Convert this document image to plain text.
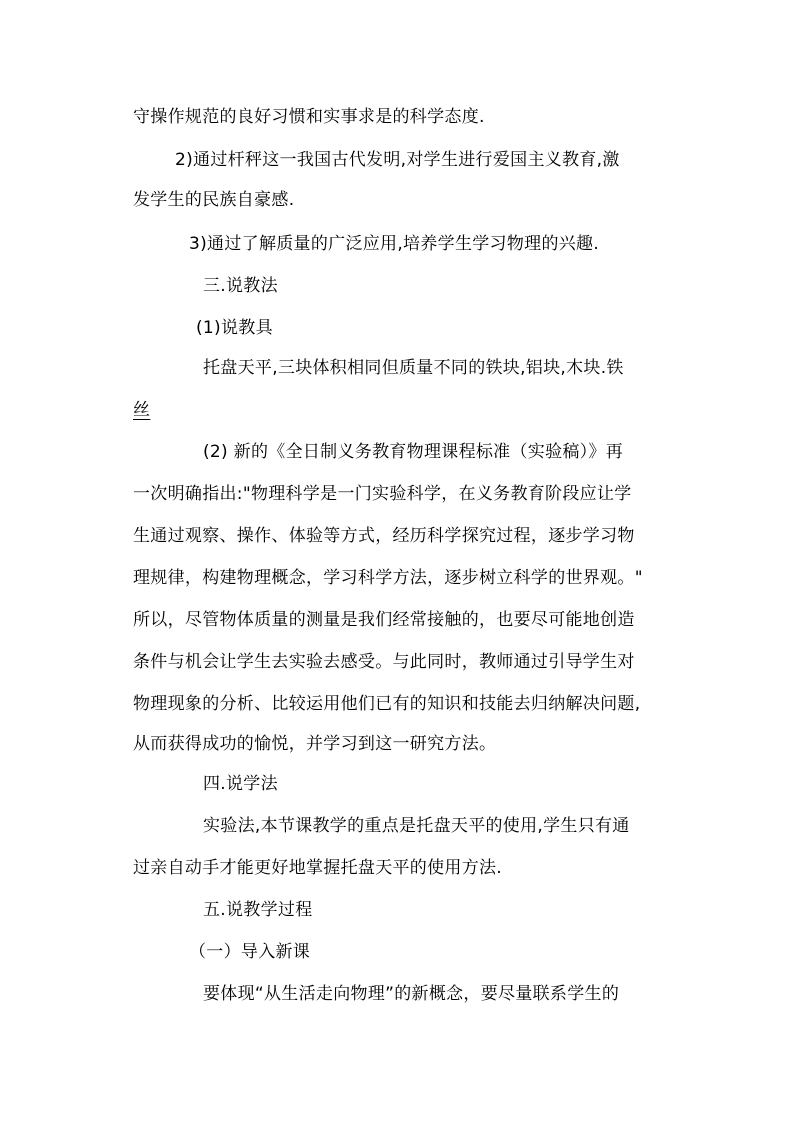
守操作规范的良好习惯和实事求是的科学态度.
2)通过杆秤这一我国古代发明,对学生进行爱国主义教育,激
发学生的民族自豪感.
3)通过了解质量的广泛应用,培养学生学习物理的兴趣.
三.说教法
(1)说教具
托盘天平,三块体积相同但质量不同的铁块,铝块,木块.铁
丝
(2) 新的《全日制义务教育物理课程标准（实验稿）》再
一次明确指出:"物理科学是一门实验科学，在义务教育阶段应让学
生通过观察、操作、体验等方式，经历科学探究过程，逐步学习物
理规律，构建物理概念，学习科学方法，逐步树立科学的世界观。"
所以，尽管物体质量的测量是我们经常接触的，也要尽可能地创造
条件与机会让学生去实验去感受。与此同时，教师通过引导学生对
物理现象的分析、比较运用他们已有的知识和技能去归纳解决问题,
从而获得成功的愉悦，并学习到这一研究方法。
四.说学法
实验法,本节课教学的重点是托盘天平的使用,学生只有通
过亲自动手才能更好地掌握托盘天平的使用方法.
五.说教学过程
（一）导入新课
要体现“从生活走向物理”的新概念，要尽量联系学生的
